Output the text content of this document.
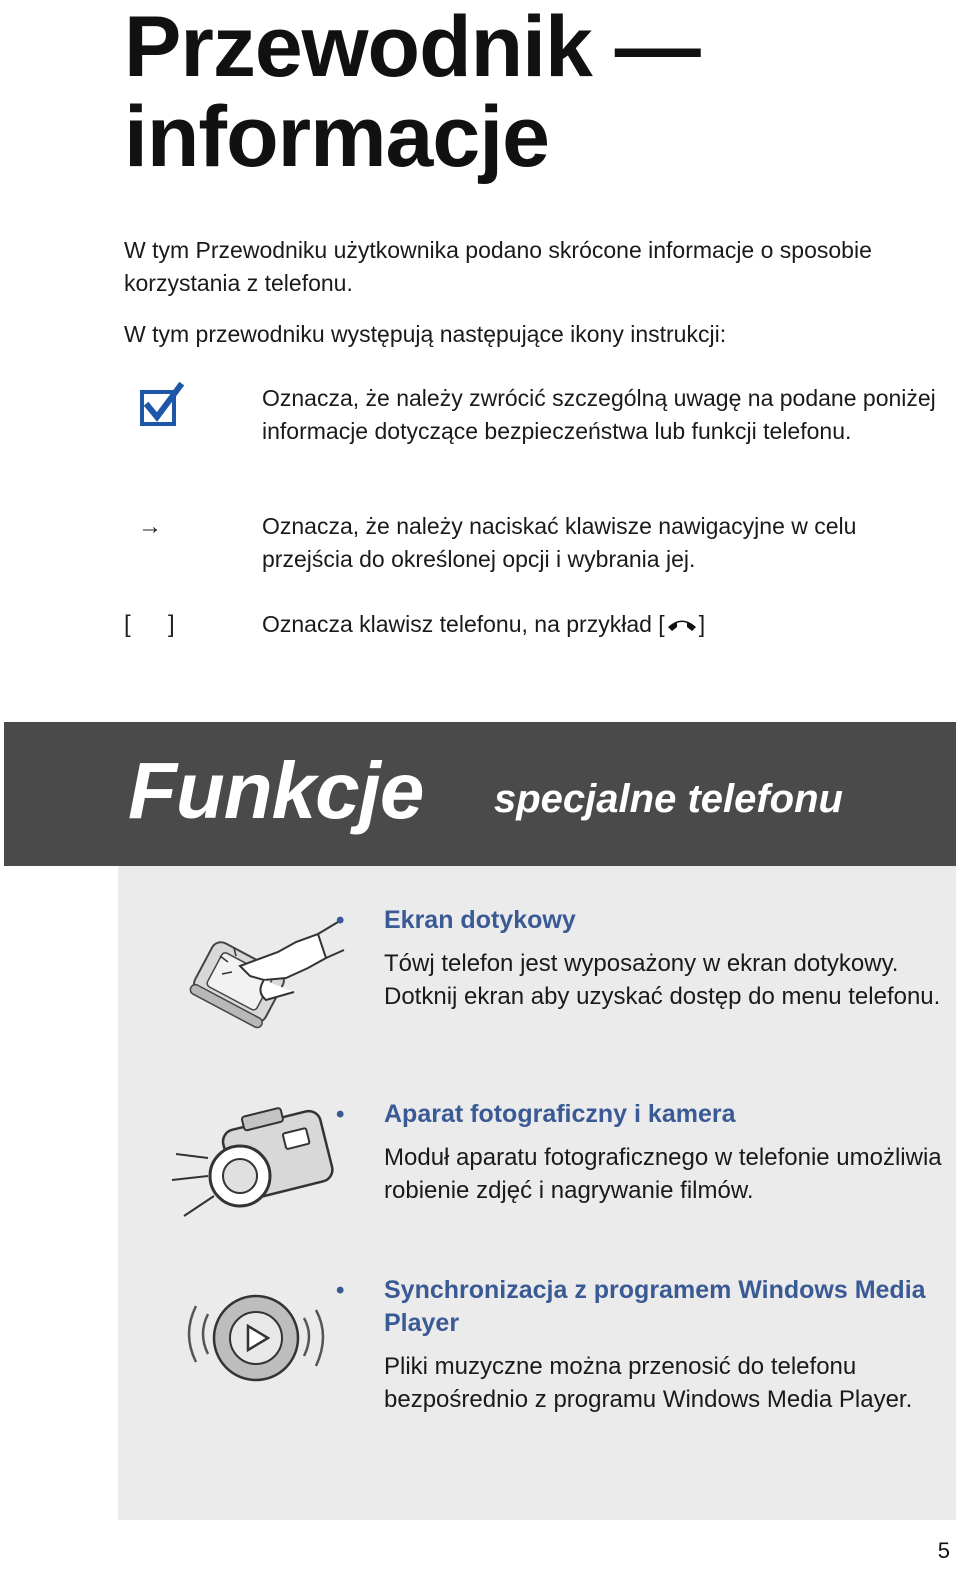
Przewodnik —
informacje

W tym Przewodniku użytkownika podano skrócone informacje o sposobie korzystania z telefonu.

W tym przewodniku występują następujące ikony instrukcji:

Oznacza, że należy zwrócić szczególną uwagę na podane poniżej informacje dotyczące bezpieczeństwa lub funkcji telefonu.

→	Oznacza, że należy naciskać klawisze nawigacyjne w celu przejścia do określonej opcji i wybrania jej.

[ ]	Oznacza klawisz telefonu, na przykład [ ]

Funkcje specjalne telefonu
• Ekran dotykowy

Tówj telefon jest wyposażony w ekran dotykowy. Dotknij ekran aby uzyskać dostęp do menu telefonu.

• Aparat fotograficzny i kamera

Moduł aparatu fotograficznego w telefonie umożliwia robienie zdjęć i nagrywanie filmów.

• Synchronizacja z programem Windows Media Player

Pliki muzyczne można przenosić do telefonu bezpośrednio z programu Windows Media Player.

5
